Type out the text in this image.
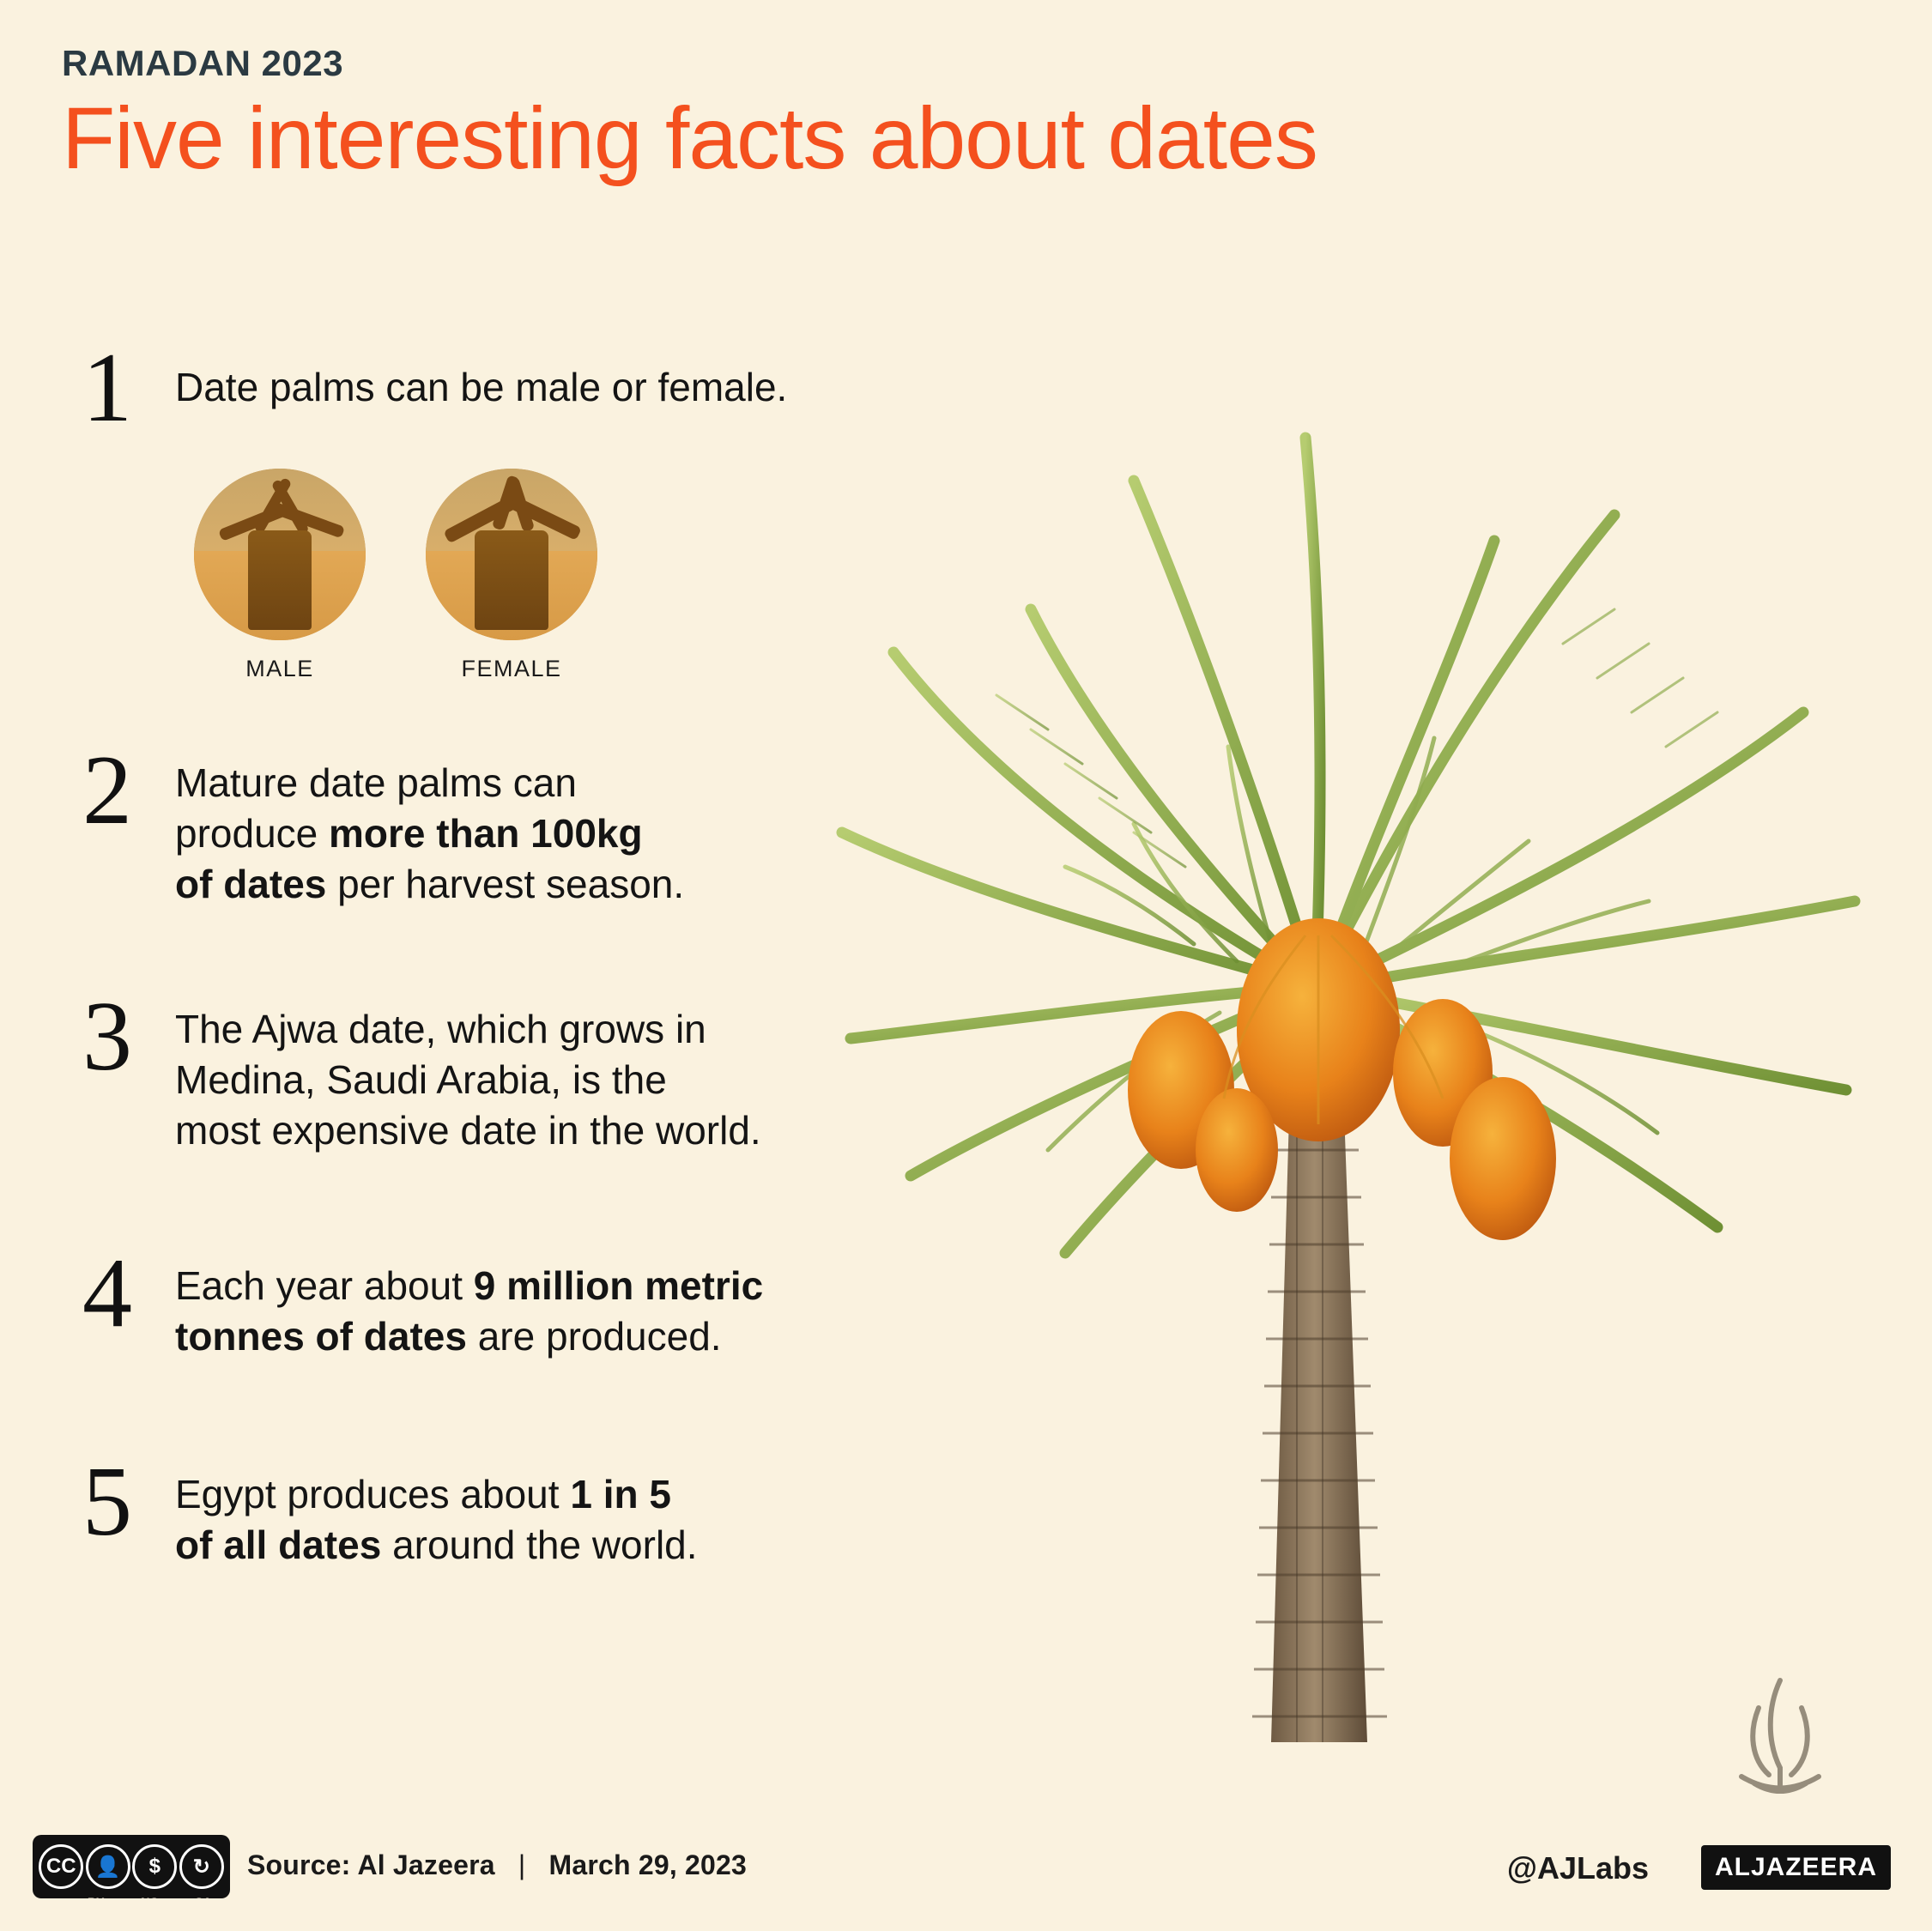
RAMADAN 2023
Five interesting facts about dates
1	Date palms can be male or female.
MALE	FEMALE
2	Mature date palms can
produce more than 100kg
of dates per harvest season.
3	The Ajwa date, which grows in
Medina, Saudi Arabia, is the
most expensive date in the world.
4	Each year about 9 million metric
tonnes of dates are produced.
5	Egypt produces about 1 in 5
of all dates around the world.
CC 👤	$	↻
BY	NC	SA
Source: Al Jazeera | March 29, 2023	@AJLabs	ALJAZEERA
